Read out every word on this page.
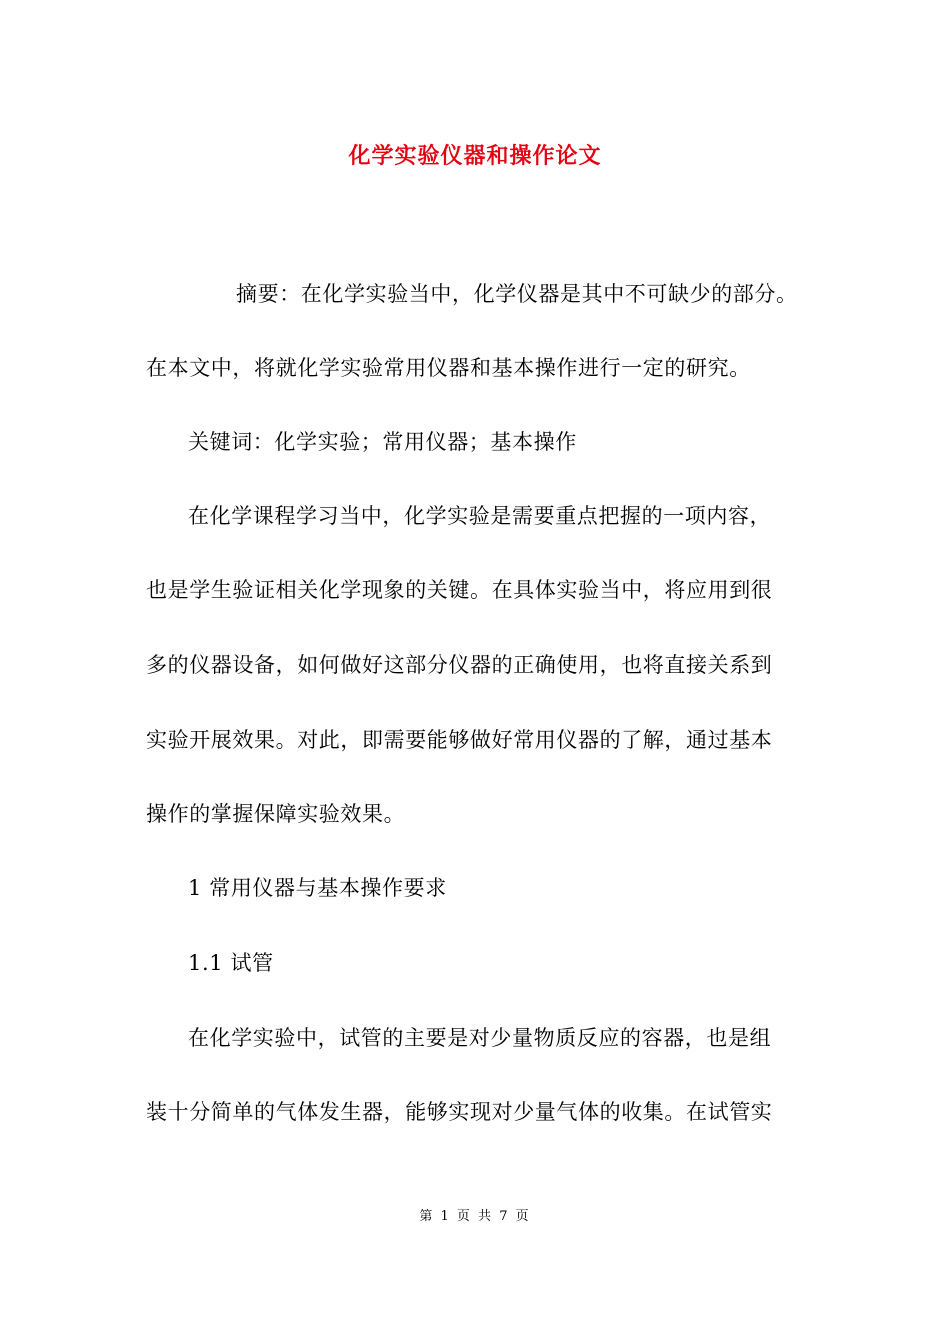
化学实验仪器和操作论文
摘要：在化学实验当中，化学仪器是其中不可缺少的部分。
在本文中，将就化学实验常用仪器和基本操作进行一定的研究。
关键词：化学实验；常用仪器；基本操作
在化学课程学习当中，化学实验是需要重点把握的一项内容，
也是学生验证相关化学现象的关键。在具体实验当中，将应用到很
多的仪器设备，如何做好这部分仪器的正确使用，也将直接关系到
实验开展效果。对此，即需要能够做好常用仪器的了解，通过基本
操作的掌握保障实验效果。
1 常用仪器与基本操作要求
1.1 试管
在化学实验中，试管的主要是对少量物质反应的容器，也是组
装十分简单的气体发生器，能够实现对少量气体的收集。在试管实
第 1 页 共 7 页
